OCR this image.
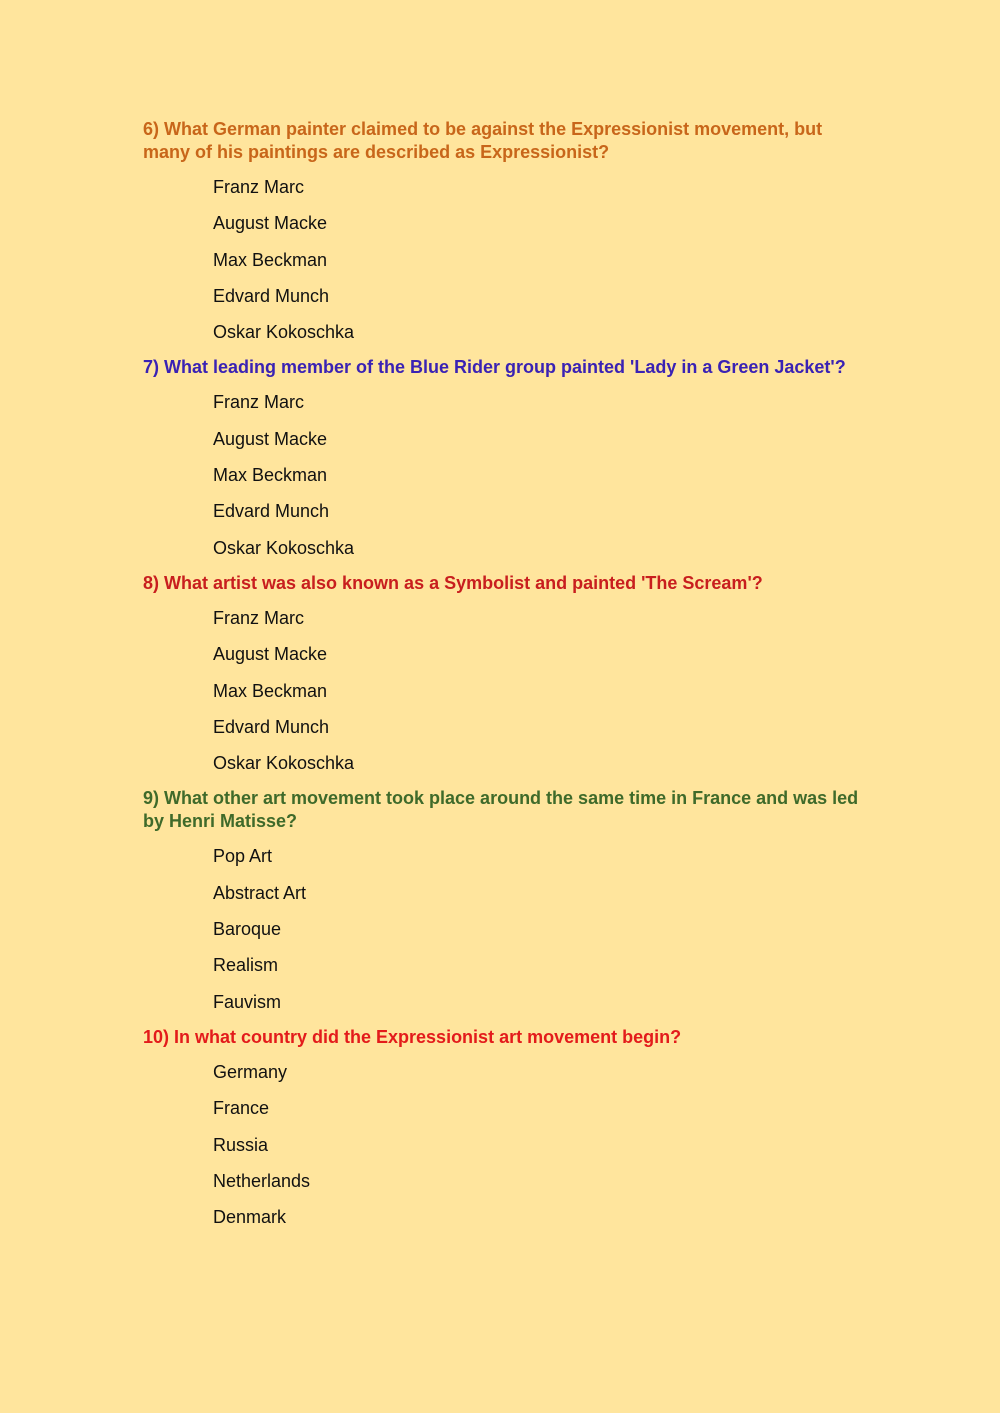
6) What German painter claimed to be against the Expressionist movement, but many of his paintings are described as Expressionist?

Franz Marc
August Macke
Max Beckman
Edvard Munch
Oskar Kokoschka

7) What leading member of the Blue Rider group painted 'Lady in a Green Jacket'?

Franz Marc
August Macke
Max Beckman
Edvard Munch
Oskar Kokoschka

8) What artist was also known as a Symbolist and painted 'The Scream'?

Franz Marc
August Macke
Max Beckman
Edvard Munch
Oskar Kokoschka

9) What other art movement took place around the same time in France and was led by Henri Matisse?

Pop Art
Abstract Art
Baroque
Realism
Fauvism

10) In what country did the Expressionist art movement begin?

Germany
France
Russia
Netherlands
Denmark
